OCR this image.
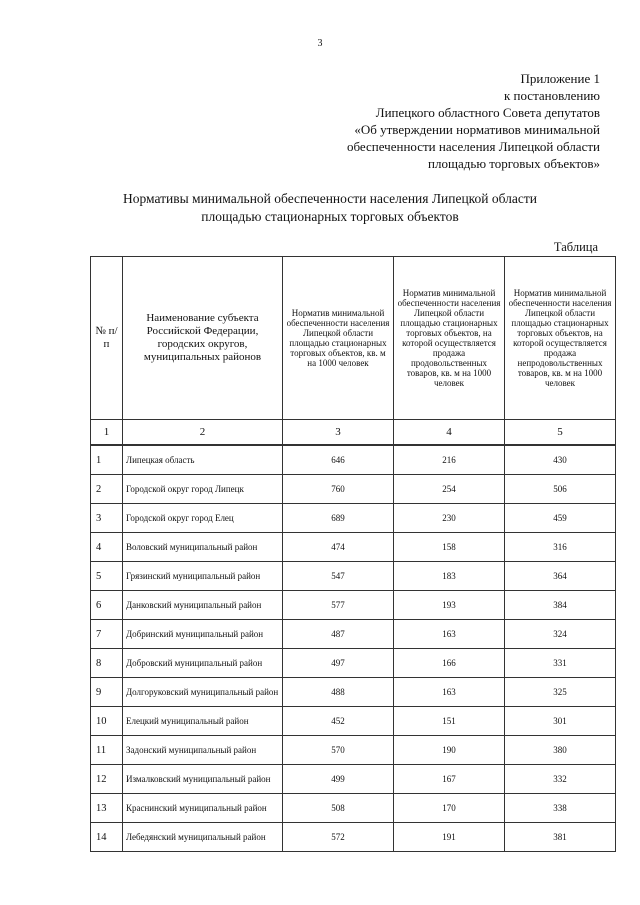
3
Приложение 1
к постановлению
Липецкого областного Совета депутатов
«Об утверждении нормативов минимальной
обеспеченности населения Липецкой области
площадью торговых объектов»
Нормативы минимальной обеспеченности населения Липецкой области
площадью стационарных торговых объектов
Таблица
№ п/п	Наименование субъекта Российской Федерации, городских округов, муниципальных районов	Норматив минимальной обеспеченности населения Липецкой области площадью стационарных торговых объектов, кв. м на 1000 человек	Норматив минимальной обеспеченности населения Липецкой области площадью стационарных торговых объектов, на которой осуществляется продажа продовольственных товаров, кв. м на 1000 человек	Норматив минимальной обеспеченности населения Липецкой области площадью стационарных торговых объектов, на которой осуществляется продажа непродовольственных товаров, кв. м на 1000 человек
1	2	3	4	5
1	Липецкая область	646	216	430
2	Городской округ город Липецк	760	254	506
3	Городской округ город Елец	689	230	459
4	Воловский муниципальный район	474	158	316
5	Грязинский муниципальный район	547	183	364
6	Данковский муниципальный район	577	193	384
7	Добринский муниципальный район	487	163	324
8	Добровский муниципальный район	497	166	331
9	Долгоруковский муниципальный район	488	163	325
10	Елецкий муниципальный район	452	151	301
11	Задонский муниципальный район	570	190	380
12	Измалковский муниципальный район	499	167	332
13	Краснинский муниципальный район	508	170	338
14	Лебедянский муниципальный район	572	191	381
